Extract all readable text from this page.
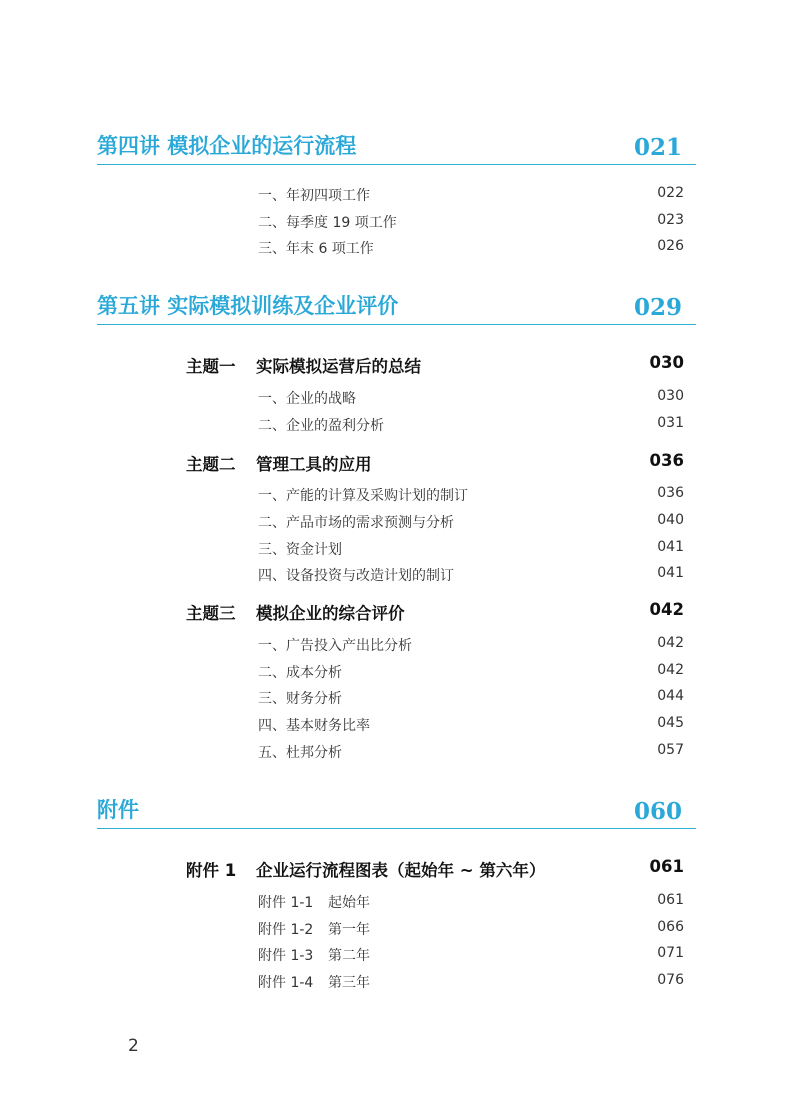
第四讲 模拟企业的运行流程	021
一、年初四项工作	022
二、每季度 19 项工作	023
三、年末 6 项工作	026
第五讲 实际模拟训练及企业评价	029
主题一 实际模拟运营后的总结	030
一、企业的战略	030
二、企业的盈利分析	031
主题二 管理工具的应用	036
一、产能的计算及采购计划的制订	036
二、产品市场的需求预测与分析	040
三、资金计划	041
四、设备投资与改造计划的制订	041
主题三 模拟企业的综合评价	042
一、广告投入产出比分析	042
二、成本分析	042
三、财务分析	044
四、基本财务比率	045
五、杜邦分析	057
附件	060
附件 1 企业运行流程图表（起始年 ~ 第六年）	061
附件 1-1 起始年	061
附件 1-2 第一年	066
附件 1-3 第二年	071
附件 1-4 第三年	076
2
